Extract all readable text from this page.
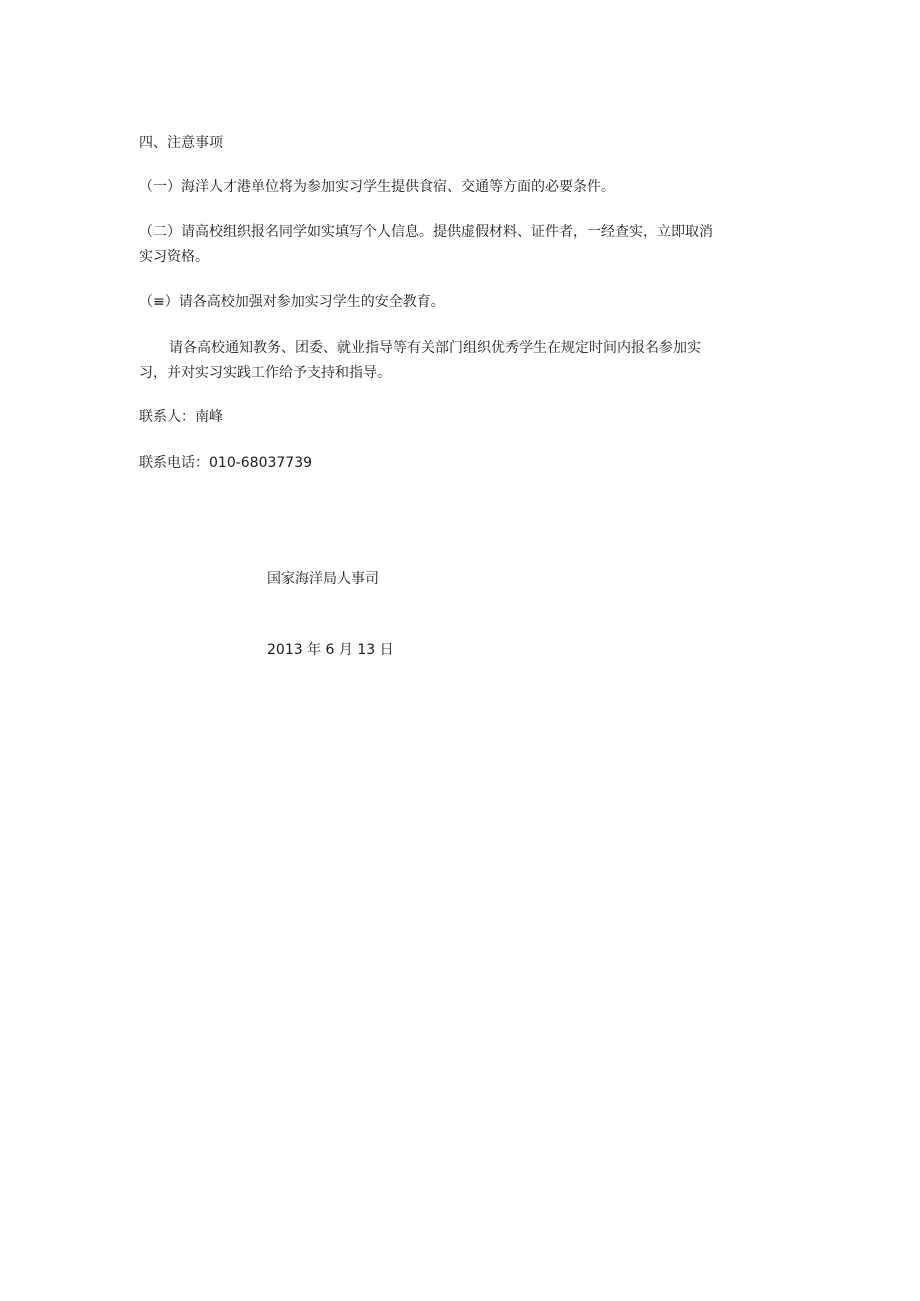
四、注意事项
（一）海洋人才港单位将为参加实习学生提供食宿、交通等方面的必要条件。
（二）请高校组织报名同学如实填写个人信息。提供虚假材料、证件者，一经查实，立即取消
实习资格。
（≡）请各高校加强对参加实习学生的安全教育。
请各高校通知教务、团委、就业指导等有关部门组织优秀学生在规定时间内报名参加实
习，并对实习实践工作给予支持和指导。
联系人：南峰
联系电话：010-68037739
国家海洋局人事司
2013 年 6 月 13 日
